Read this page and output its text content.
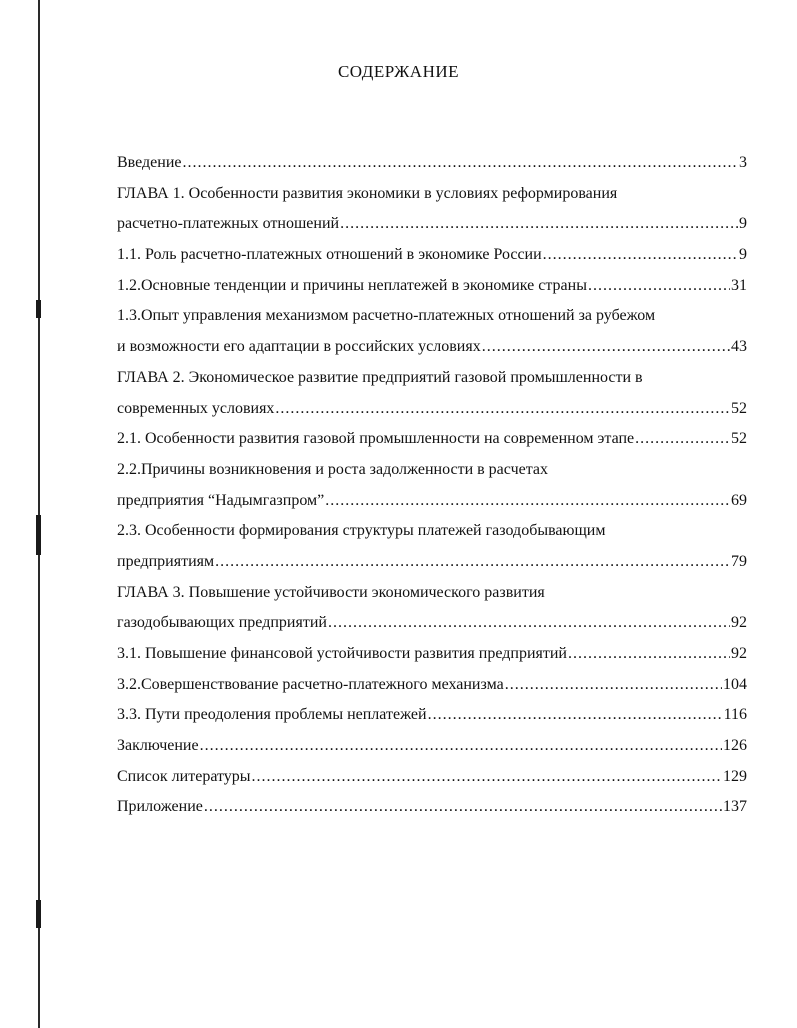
СОДЕРЖАНИЕ
Введение .....	3
ГЛАВА 1. Особенности развития экономики в условиях реформирования
расчетно-платежных отношений .....	9
1.1. Роль расчетно-платежных отношений в экономике России .....	9
1.2.Основные тенденции и причины неплатежей в экономике страны .....	31
1.3.Опыт управления механизмом расчетно-платежных отношений за рубежом
и возможности его адаптации в российских условиях .....	43
ГЛАВА 2. Экономическое развитие предприятий газовой промышленности в
современных условиях .....	52
2.1. Особенности развития газовой промышленности на современном этапе .....	52
2.2.Причины возникновения и роста задолженности в расчетах
предприятия “Надымгазпром” .....	69
2.3. Особенности формирования структуры платежей газодобывающим
предприятиям .....	79
ГЛАВА 3. Повышение устойчивости экономического развития
газодобывающих предприятий .....	92
3.1. Повышение финансовой устойчивости развития предприятий .....	92
3.2.Совершенствование расчетно-платежного механизма .....	104
3.3. Пути преодоления проблемы неплатежей .....	116
Заключение .....	126
Список литературы .....	129
Приложение .....	137
